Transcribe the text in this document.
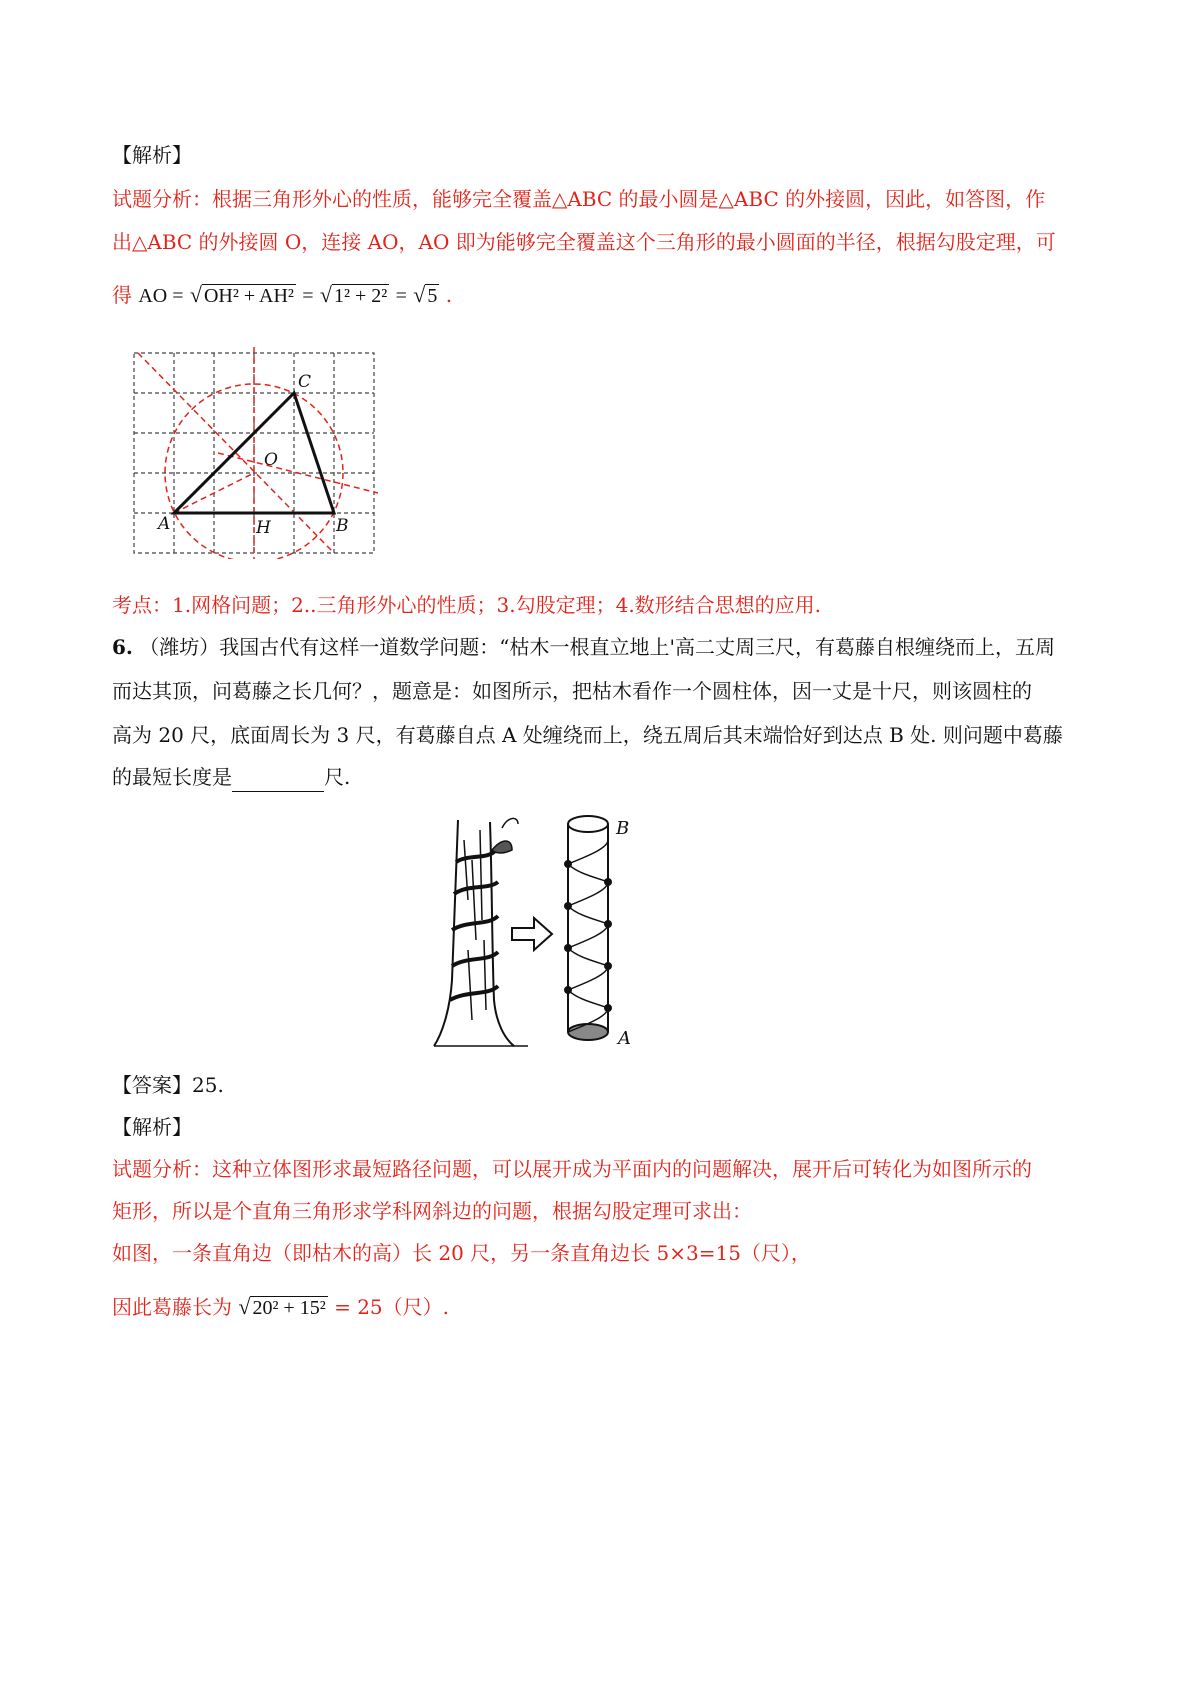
【解析】
试题分析：根据三角形外心的性质，能够完全覆盖△ABC 的最小圆是△ABC 的外接圆，因此，如答图，作
出△ABC 的外接圆 O，连接 AO，AO 即为能够完全覆盖这个三角形的最小圆面的半径，根据勾股定理，可
得 AO = √ OH² + AH² = √ 1² + 2² = √ 5 .
A	B
C
O
H
考点：1.网格问题；2..三角形外心的性质；3.勾股定理；4.数形结合思想的应用.
6. （潍坊）我国古代有这样一道数学问题：“枯木一根直立地上'高二丈周三尺，有葛藤自根缠绕而上，五周
而达其顶，问葛藤之长几何？，题意是：如图所示，把枯木看作一个圆柱体，因一丈是十尺，则该圆柱的
高为 20 尺，底面周长为 3 尺，有葛藤自点 A 处缠绕而上，绕五周后其末端恰好到达点 B 处. 则问题中葛藤
的最短长度是	尺.
B
A
【答案】25.
【解析】
试题分析：这种立体图形求最短路径问题，可以展开成为平面内的问题解决，展开后可转化为如图所示的
矩形，所以是个直角三角形求学科网斜边的问题，根据勾股定理可求出：
如图，一条直角边（即枯木的高）长 20 尺，另一条直角边长 5×3=15（尺），
因此葛藤长为 √ 20² + 15² = 25（尺）.
